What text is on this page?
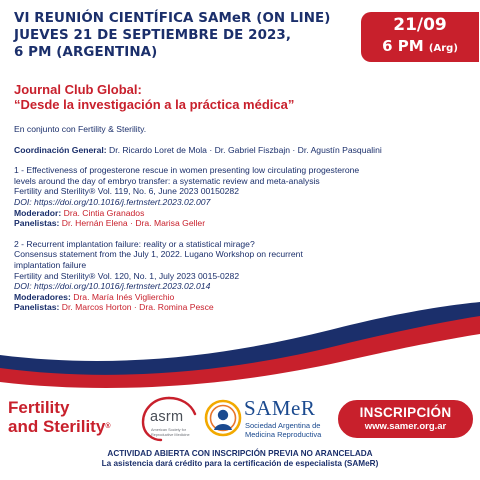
VI REUNIÓN CIENTÍFICA SAMeR (ON LINE)
JUEVES 21 DE SEPTIEMBRE DE 2023,
6 PM (ARGENTINA)
21/09
6 PM (Arg)
Journal Club Global:
“Desde la investigación a la práctica médica”
En conjunto con Fertility & Sterility.
Coordinación General: Dr. Ricardo Loret de Mola · Dr. Gabriel Fiszbajn · Dr. Agustín Pasqualini
1 - Effectiveness of progesterone rescue in women presenting low circulating progesterone
levels around the day of embryo transfer: a systematic review and meta-analysis
Fertility and Sterility® Vol. 119, No. 6, June 2023 00150282
DOI: https://doi.org/10.1016/j.fertnstert.2023.02.007
Moderador: Dra. Cintia Granados
Panelistas: Dr. Hernán Elena · Dra. Marisa Geller
2 - Recurrent implantation failure: reality or a statistical mirage?
Consensus statement from the July 1, 2022. Lugano Workshop on recurrent
implantation failure
Fertility and Sterility® Vol. 120, No. 1, July 2023 0015-0282
DOI: https://doi.org/10.1016/j.fertnstert.2023.02.014
Moderadores: Dra. María Inés Viglierchio
Panelistas: Dr. Marcos Horton · Dra. Romina Pesce
Fertility
and Sterility®
asrm
American Society for Reproductive Medicine
SAMeR
Sociedad Argentina de
Medicina Reproductiva
INSCRIPCIÓN
www.samer.org.ar
ACTIVIDAD ABIERTA CON INSCRIPCIÓN PREVIA NO ARANCELADA
La asistencia dará crédito para la certificación de especialista (SAMeR)
